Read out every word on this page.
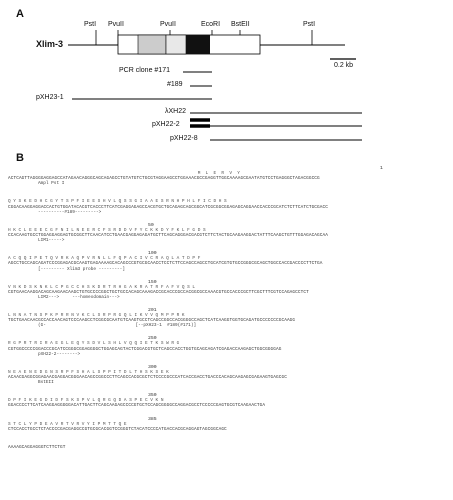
A
PstI PvuII	PvuII	EcoRI BstEII	PstI
Xlim-3
0.2 kb
PCR clone #171
#189
pXH23-1
λXH22
pXH22-2
pXH22-8
B
1
M  L  E  R  V  Y
ACTCAGTTAGGGGAGGAGCCATAGAACAGGGCAGCAGAGCCTGTATGTCTGCGTAGGAAGCCTGGAAACGCCGAGGTTGGCAAAAGCGAATATGTCCTGAGGGCTAGACGGCCG
Ampl Pst I
Q Y S K E D H C G Y T S P F I E E S H V L Q S S G I A A E S R N H P H L F I C D H S
CGGACAAGGAGGACCACTGTGGATACACGTCACCCTTCATCGAGGAGAGCCACGTGCTGCAGAGCAGCGGCATCGCGGCGGAGAGCAGGAACCACCCGCATCTCTTCATCTGCGACC
----------#189--------->
50
H K C L E E E C G F N I L N E E R C F S R D D V F Y C K K D Y F K L F G D S
CCACAAGTGCCTGGAGGAGGAGTGCGGCTTCAACATCCTGAACGAGGAGAGATGCTTCAGCAGGGACGACGTCTTCTACTGCAAGAAGGACTATTTCAAGCTGTTTGGAGACAGCAA
LIM1----->
100
A C Q Q I P E T Q V R K A Q P V R N L L F Q P A C I V C R A Q L A T D P F
AGCCTGCCAGCAGATCCCGGAGACGCAAGTGAGAAAAGCACAGCCCGTGCGCAACCTCCTCTTCCAGCCAGCCTGCATCGTGTGCCGGGCGCAGCTGGCCACCGACCCCTTCTGA
[--------- Xlim3 probe ---------]
150
V N K D S K N K L C P G C C H S K D R T R H G A K R A T R F A F V Q S L
CGTGAACAAGGACAGCAAGAACAAGCTGTGCCCCGGCTGCTGCCACAGCAAAGACCGCACCCGCCACGGCGCCAAACGTGCCACCCGCTTCGCTTTCGTCCAGAGCCTCT
LIM2--->     ---homeodomain--->
201
L N N A T N S P K P R R N V K C L S R P R G Q L I K V V Q M P P R K
TGCTGAACAACGCCACCAACAGTCCCAAGCCTCGGCGCAATGTCAAGTGCCTCAGCCGGCCACGGGGCCAGCTCATCAAGGTGGTGCAGATGCCCCCCCGCAAGG
(G-                                  [--pXH23-1  #189(#171)]
250
R G P R T R I R A E G L E Q Y S D V L S H L V Q Q I E T K S W R G
CGTGGCCCCCGGACCCGCATCCGGGCGGAGGGGCTGGAGCAGTACTCGGACGTGCTCAGCCACCTGGTGCAGCAGATCGAGACCAAGAGCTGGCGGGGAG
pXH22-2-------->
300
N E A E N E D G N S R P F S H A L S P P I T D L T H S K S E K
ACAACGAGGCGGAGAACGAGGACGGGAACAGCCGGCCCTTCAGCCACGCGCTCTCCCCGCCCATCACCGACCTGACCCACAGCAAGAGCGAGAAGTGAGCGC
BstEII
350
D P F I K E G D I D F S K S P V L Q R G Q D A S P E C V K N
GGACCCCTTCATCAAGGAGGGGGACATTGACTTCAGCAAGAGCCCCGTGCTCCAGCGGGGCCAGGACGCCTCCCCCGAGTGCGTCAAGAACTGA
385
S T C L Y P D E A V R T V R V Y I P M T T Q E
CTCCACCTGCCTCTACCCCGACGAGGCCGTGCGCACGGTCCGGGTCTACATCCCCATGACCACGCAGGAGTAGCGGCAGC
AAAAGCAGGAGGGTCTTCTGT
